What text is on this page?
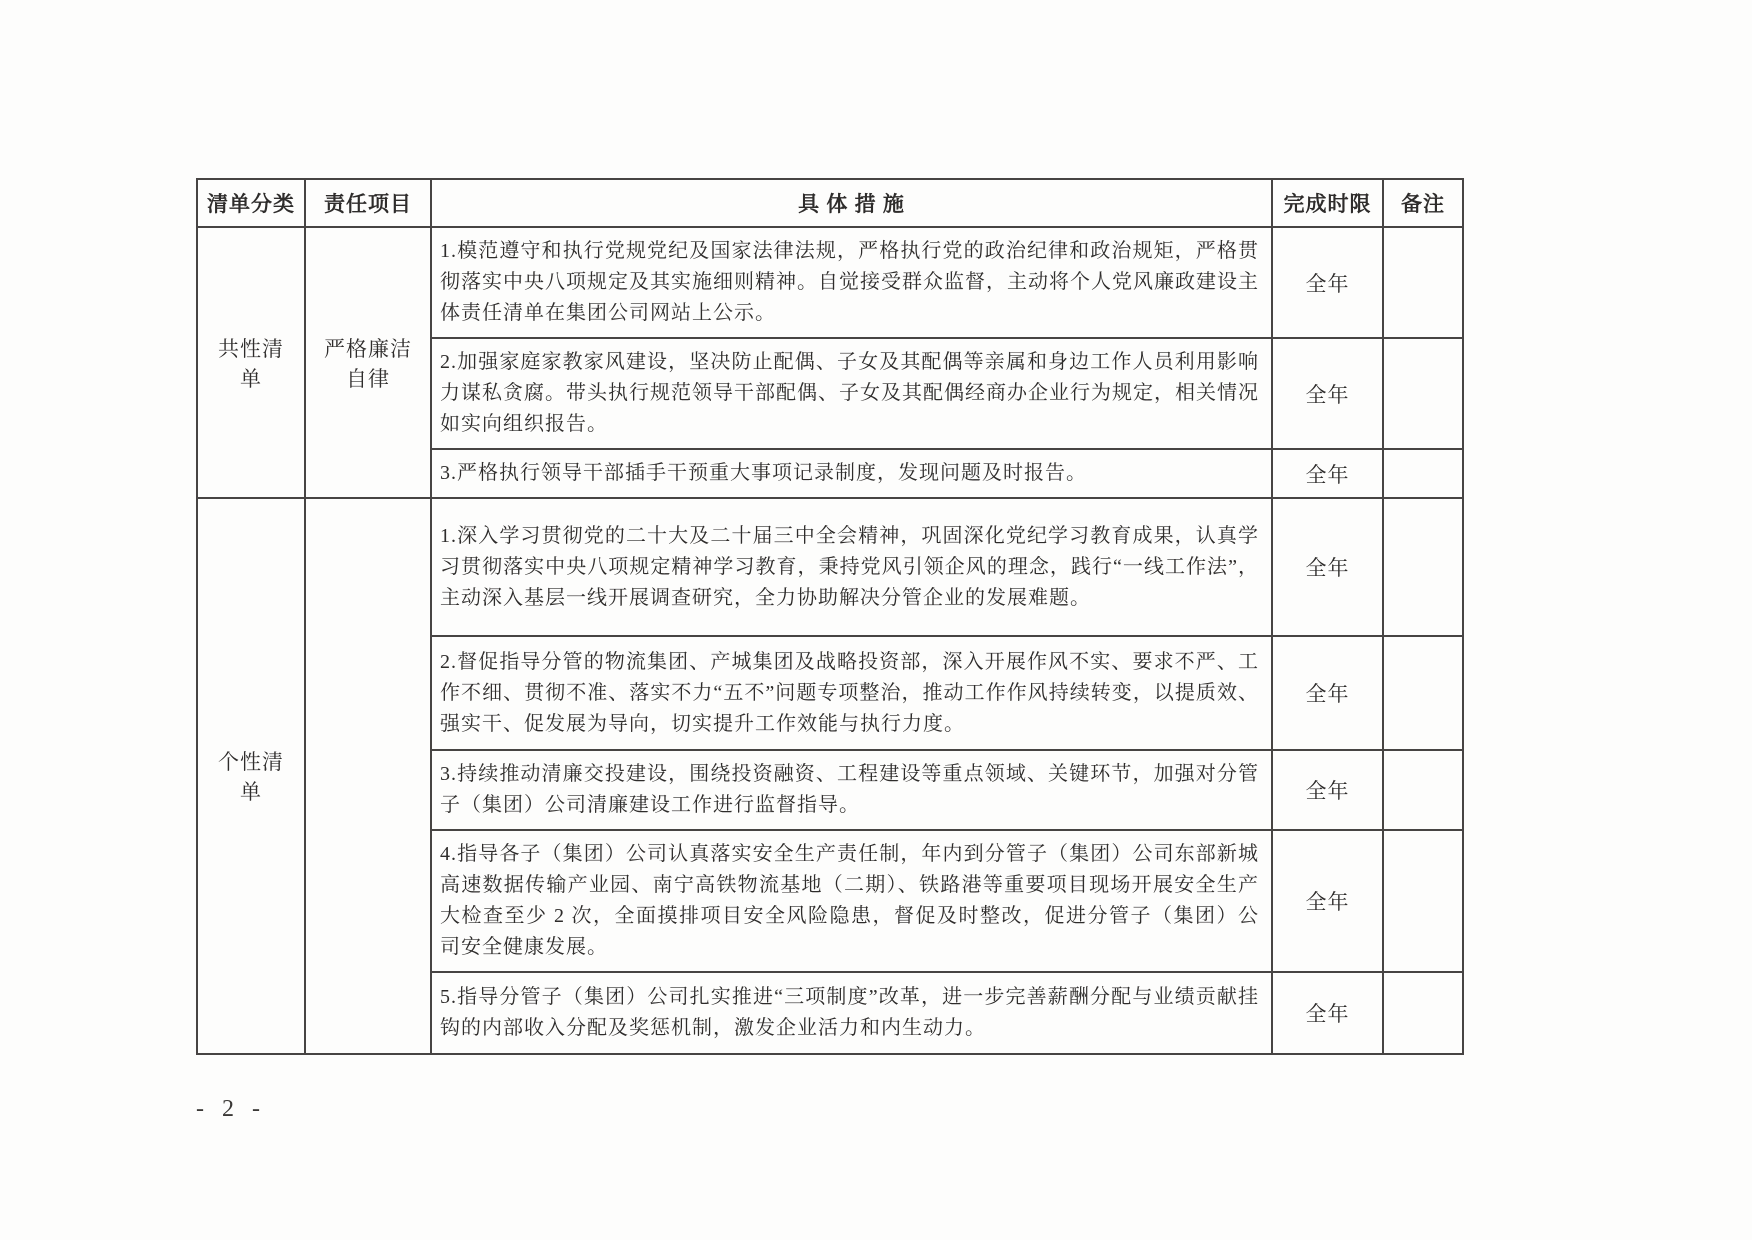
清单分类	责任项目	具 体 措 施	完成时限	备注
共性清单	严格廉洁自律	1.模范遵守和执行党规党纪及国家法律法规，严格执行党的政治纪律和政治规矩，严格贯彻落实中央八项规定及其实施细则精神。自觉接受群众监督，主动将个人党风廉政建设主体责任清单在集团公司网站上公示。	全年	
		2.加强家庭家教家风建设，坚决防止配偶、子女及其配偶等亲属和身边工作人员利用影响力谋私贪腐。带头执行规范领导干部配偶、子女及其配偶经商办企业行为规定，相关情况如实向组织报告。	全年	
		3.严格执行领导干部插手干预重大事项记录制度，发现问题及时报告。	全年	
个性清单		1.深入学习贯彻党的二十大及二十届三中全会精神，巩固深化党纪学习教育成果，认真学习贯彻落实中央八项规定精神学习教育，秉持党风引领企风的理念，践行“一线工作法”，主动深入基层一线开展调查研究，全力协助解决分管企业的发展难题。	全年	
		2.督促指导分管的物流集团、产城集团及战略投资部，深入开展作风不实、要求不严、工作不细、贯彻不准、落实不力“五不”问题专项整治，推动工作作风持续转变，以提质效、强实干、促发展为导向，切实提升工作效能与执行力度。	全年	
		3.持续推动清廉交投建设，围绕投资融资、工程建设等重点领域、关键环节，加强对分管子（集团）公司清廉建设工作进行监督指导。	全年	
		4.指导各子（集团）公司认真落实安全生产责任制，年内到分管子（集团）公司东部新城高速数据传输产业园、南宁高铁物流基地（二期）、铁路港等重要项目现场开展安全生产大检查至少 2 次，全面摸排项目安全风险隐患，督促及时整改，促进分管子（集团）公司安全健康发展。	全年	
		5.指导分管子（集团）公司扎实推进“三项制度”改革，进一步完善薪酬分配与业绩贡献挂钩的内部收入分配及奖惩机制，激发企业活力和内生动力。	全年	
- 2 -
